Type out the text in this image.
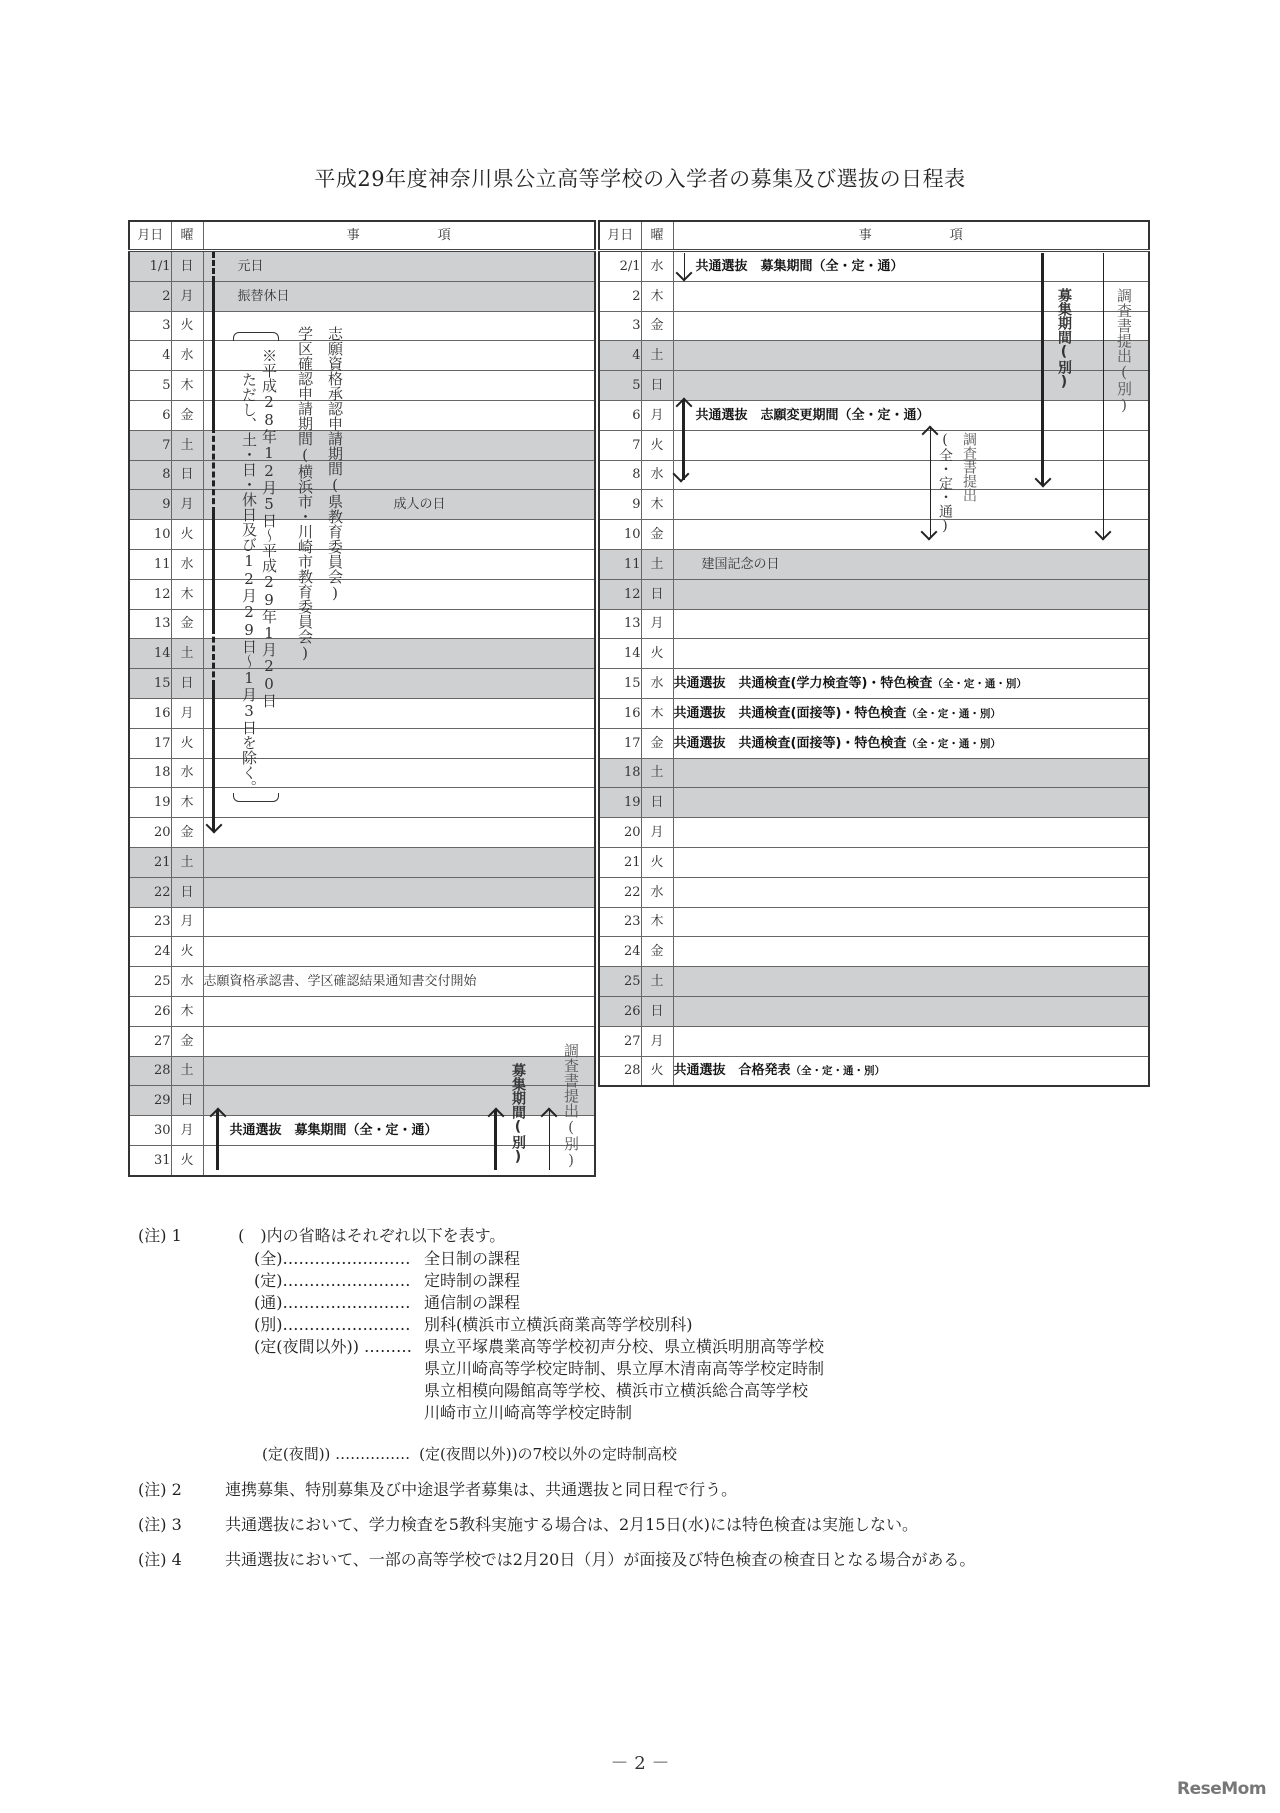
平成29年度神奈川県公立高等学校の入学者の募集及び選抜の日程表
月日	曜	事　　　　　　項
1/1	日	元日
2	月	振替休日
3	火	
4	水	
5	木	
6	金	
7	土	
8	日	
9	月	成人の日
10	火	
11	水	
12	木	
13	金	
14	土	
15	日	
16	月	
17	火	
18	水	
19	木	
20	金	
21	土	
22	日	
23	月	
24	火	
25	水	志願資格承認書、学区確認結果通知書交付開始
26	木	
27	金	
28	土	
29	日	
30	月	共通選抜　募集期間（全・定・通）
31	火	
月日	曜	事　　　　　　項
2/1	水	共通選抜　募集期間（全・定・通）
2	木	
3	金	
4	土	
5	日	
6	月	共通選抜　志願変更期間（全・定・通）
7	火	
8	水	
9	木	
10	金	
11	土	建国記念の日
12	日	
13	月	
14	火	
15	水	共通選抜　共通検査(学力検査等)・特色検査（全・定・通・別）
16	木	共通選抜　共通検査(面接等)・特色検査（全・定・通・別）
17	金	共通選抜　共通検査(面接等)・特色検査（全・定・通・別）
18	土	
19	日	
20	月	
21	火	
22	水	
23	木	
24	金	
25	土	
26	日	
27	月	
28	火	共通選抜　合格発表（全・定・通・別）
ただし、土・日・休日及び12月29日〜1月3日を除く。 ※平成28年12月5日〜平成29年1月20日 学区確認申請期間(横浜市・川崎市教育委員会) 志願資格承認申請期間(県教育委員会)
募集期間(別) 調査書提出(別)
募集期間(別)	調査書提出(別)
(全・定・通) 調査書提出
(注) 1	(　)内の省略はそれぞれ以下を表す。
(全)…………………… 全日制の課程
(定)…………………… 定時制の課程
(通)…………………… 通信制の課程
(別)…………………… 別科(横浜市立横浜商業高等学校別科)
(定(夜間以外)) ……… 県立平塚農業高等学校初声分校、県立横浜明朋高等学校
県立川崎高等学校定時制、県立厚木清南高等学校定時制
県立相模向陽館高等学校、横浜市立横浜総合高等学校
川崎市立川崎高等学校定時制
(定(夜間)) …………… (定(夜間以外))の7校以外の定時制高校
(注) 2	連携募集、特別募集及び中途退学者募集は、共通選抜と同日程で行う。
(注) 3	共通選抜において、学力検査を5教科実施する場合は、2月15日(水)には特色検査は実施しない。
(注) 4	共通選抜において、一部の高等学校では2月20日（月）が面接及び特色検査の検査日となる場合がある。
－ 2 －
ReseMom
